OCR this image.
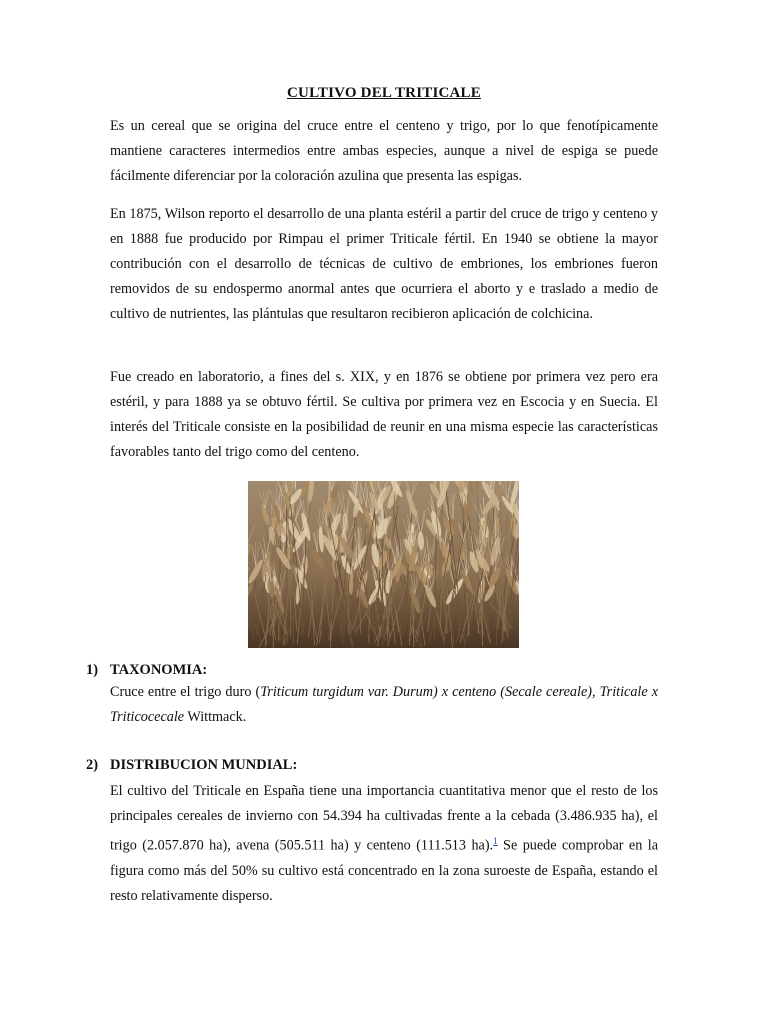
CULTIVO DEL TRITICALE

Es un cereal que se origina del cruce entre el centeno y trigo, por lo que fenotípicamente mantiene caracteres intermedios entre ambas especies, aunque a nivel de espiga se puede fácilmente diferenciar por la coloración azulina que presenta las espigas.

En 1875, Wilson reporto el desarrollo de una planta estéril a partir del cruce de trigo y centeno y en 1888 fue producido por Rimpau el primer Triticale fértil. En 1940 se obtiene la mayor contribución con el desarrollo de técnicas de cultivo de embriones, los embriones fueron removidos de su endospermo anormal antes que ocurriera el aborto y e traslado a medio de cultivo de nutrientes, las plántulas que resultaron recibieron aplicación de colchicina.

Fue creado en laboratorio, a fines del s. XIX, y en 1876 se obtiene por primera vez pero era estéril, y para 1888 ya se obtuvo fértil. Se cultiva por primera vez en Escocia y en Suecia. El interés del Triticale consiste en la posibilidad de reunir en una misma especie las características favorables tanto del trigo como del centeno.

1) TAXONOMIA:

Cruce entre el trigo duro (Triticum turgidum var. Durum) x centeno (Secale cereale), Triticale x Triticocecale Wittmack.

2) DISTRIBUCION MUNDIAL:

El cultivo del Triticale en España tiene una importancia cuantitativa menor que el resto de los principales cereales de invierno con 54.394 ha cultivadas frente a la cebada (3.486.935 ha), el trigo (2.057.870 ha), avena (505.511 ha) y centeno (111.513 ha).$^1$ Se puede comprobar en la figura como más del 50% su cultivo está concentrado en la zona suroeste de España, estando el resto relativamente disperso.
